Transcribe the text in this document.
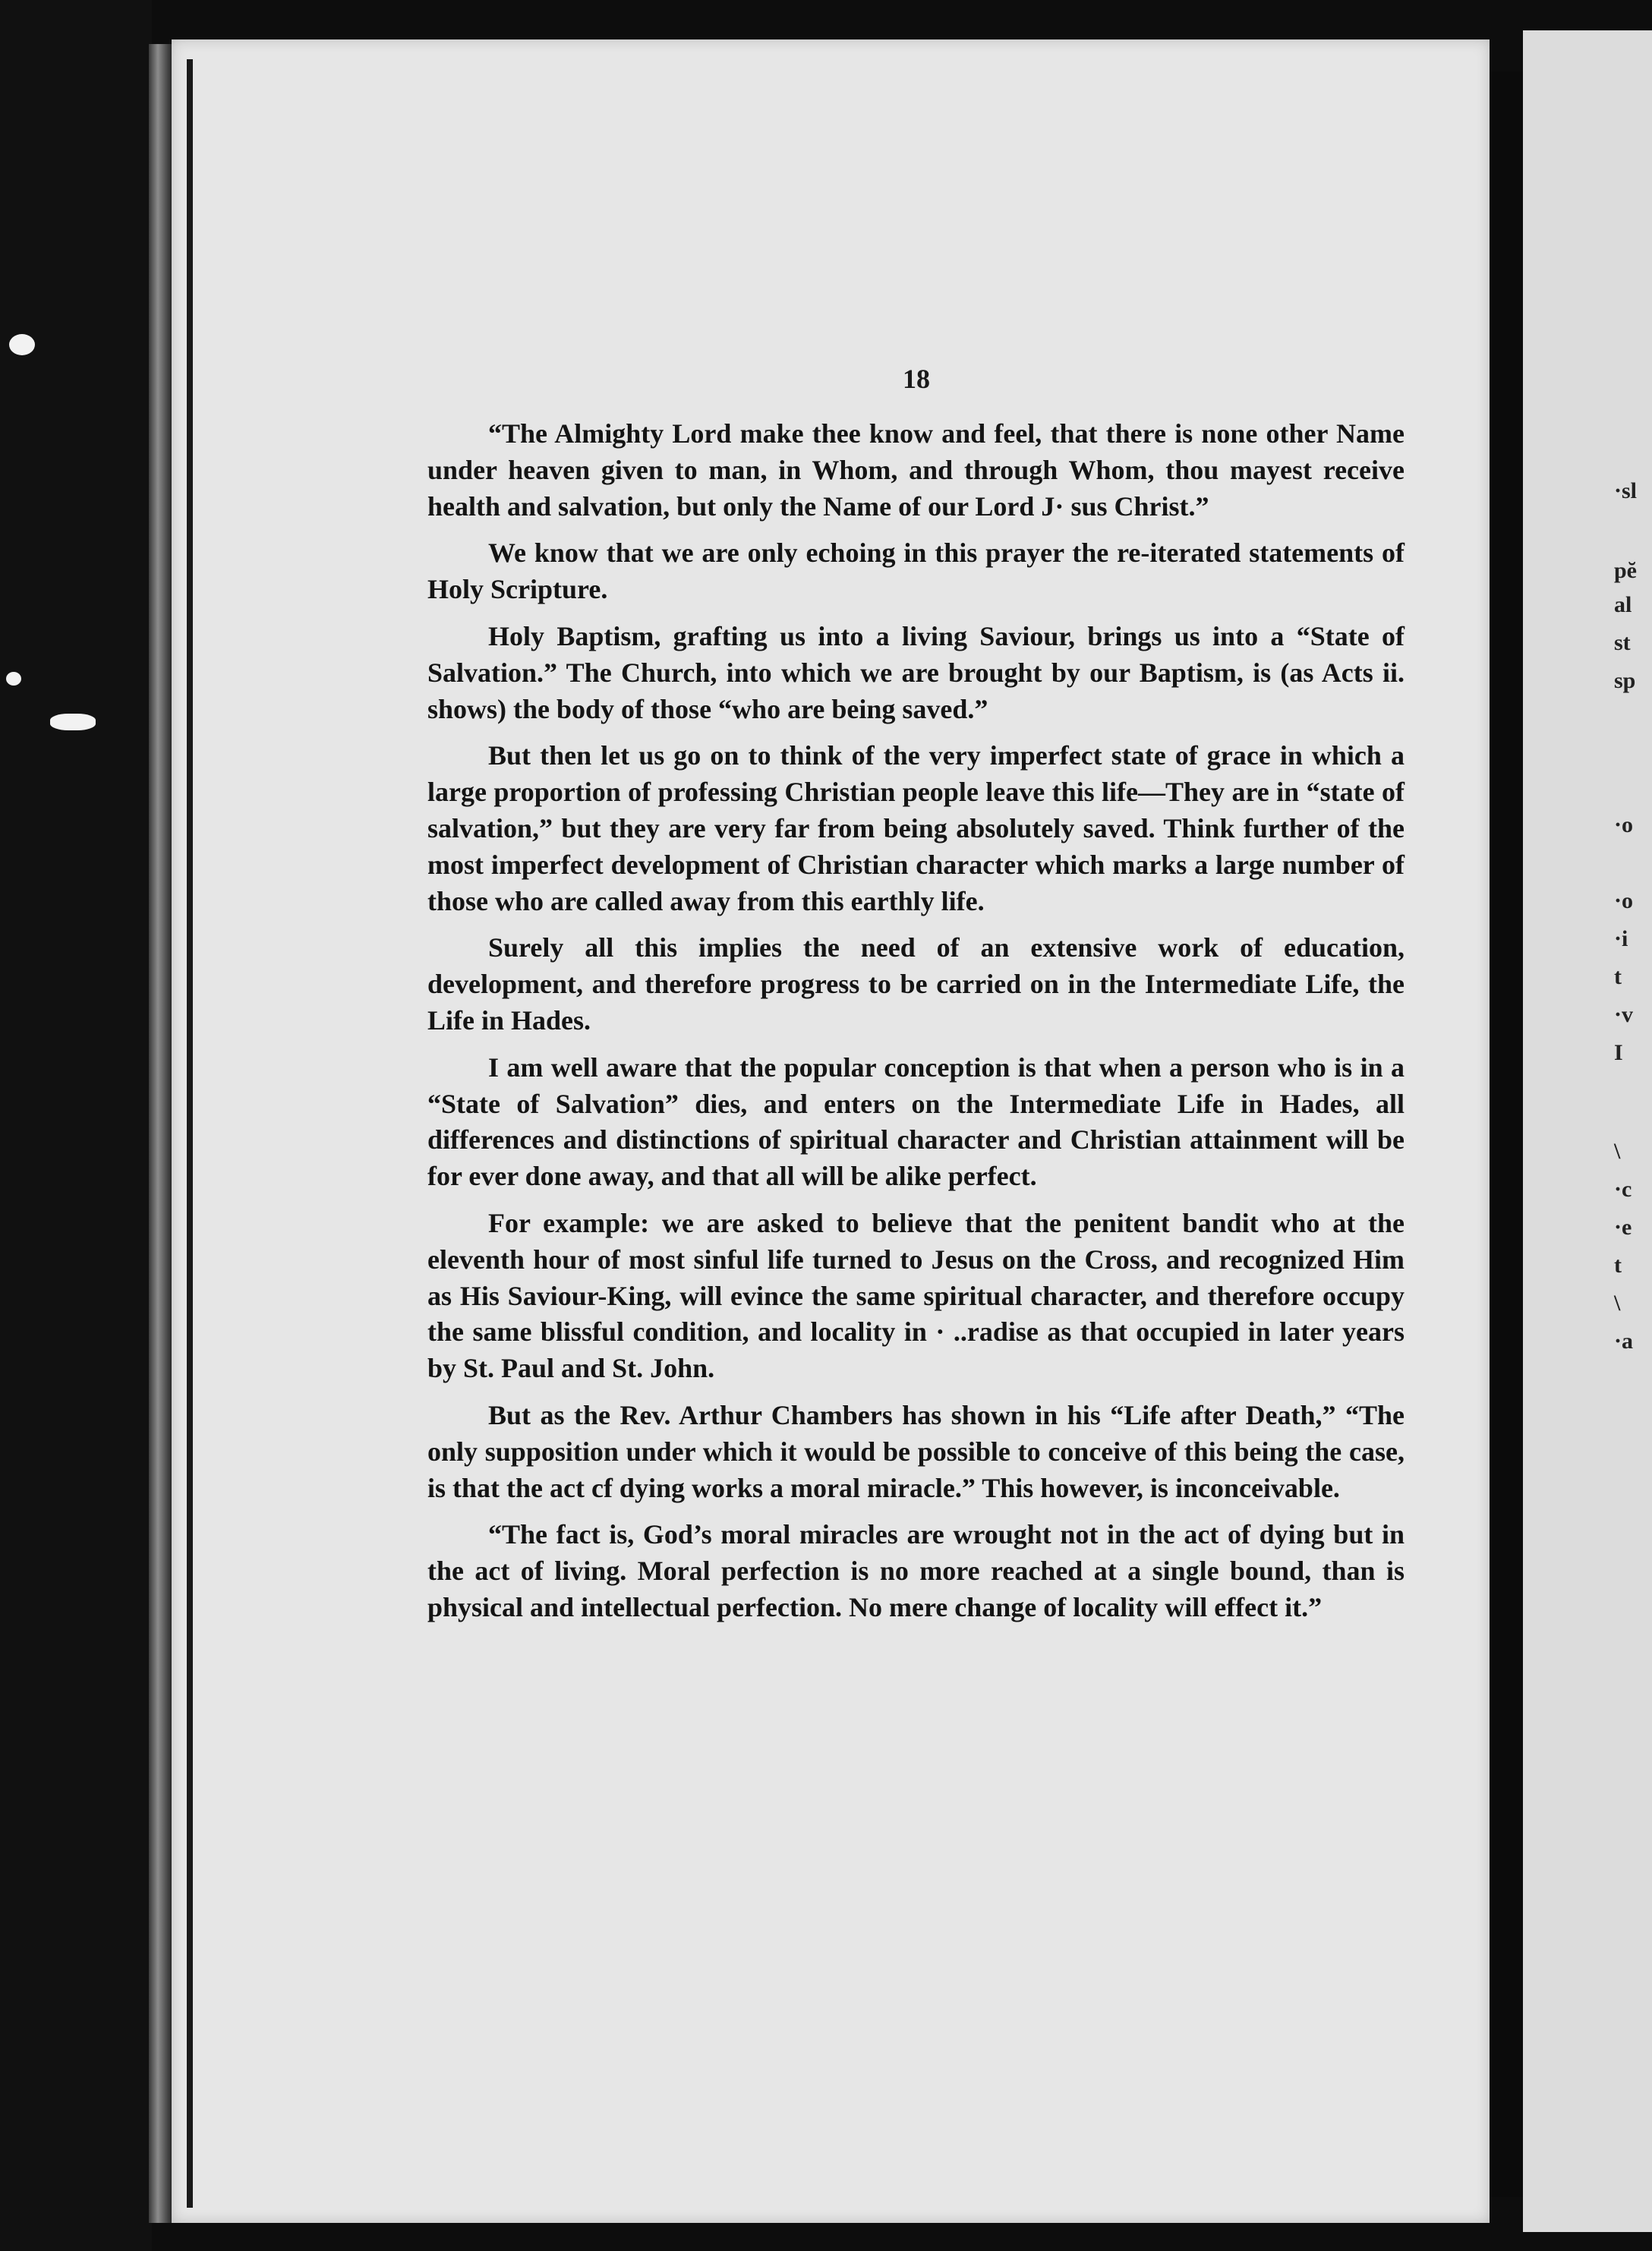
·sl
pĕ
al
st
sp
·o
·o
·i
t
·v
I
\
·c
·e
t
\
·a
18

“The Almighty Lord make thee know and feel, that there is none other Name under heaven given to man, in Whom, and through Whom, thou mayest receive health and salvation, but only the Name of our Lord J· sus Christ.”

We know that we are only echoing in this prayer the re-iterated statements of Holy Scripture.

Holy Baptism, grafting us into a living Saviour, brings us into a “State of Salvation.” The Church, into which we are brought by our Baptism, is (as Acts ii. shows) the body of those “who are being saved.”

But then let us go on to think of the very imperfect state of grace in which a large proportion of professing Christian people leave this life—They are in “state of salvation,” but they are very far from being absolutely saved. Think further of the most imperfect development of Christian character which marks a large number of those who are called away from this earthly life.

Surely all this implies the need of an extensive work of education, development, and therefore progress to be carried on in the Intermediate Life, the Life in Hades.

I am well aware that the popular conception is that when a person who is in a “State of Salvation” dies, and enters on the Intermediate Life in Hades, all differences and distinctions of spiritual character and Christian attainment will be for ever done away, and that all will be alike perfect.

For example: we are asked to believe that the penitent bandit who at the eleventh hour of most sinful life turned to Jesus on the Cross, and recognized Him as His Saviour-King, will evince the same spiritual character, and therefore occupy the same blissful condition, and locality in · ..radise as that occupied in later years by St. Paul and St. John.

But as the Rev. Arthur Chambers has shown in his “Life after Death,” “The only supposition under which it would be possible to conceive of this being the case, is that the act cf dying works a moral miracle.” This however, is inconceivable.

“The fact is, God’s moral miracles are wrought not in the act of dying but in the act of living. Moral perfection is no more reached at a single bound, than is physical and intellectual perfection. No mere change of locality will effect it.”
